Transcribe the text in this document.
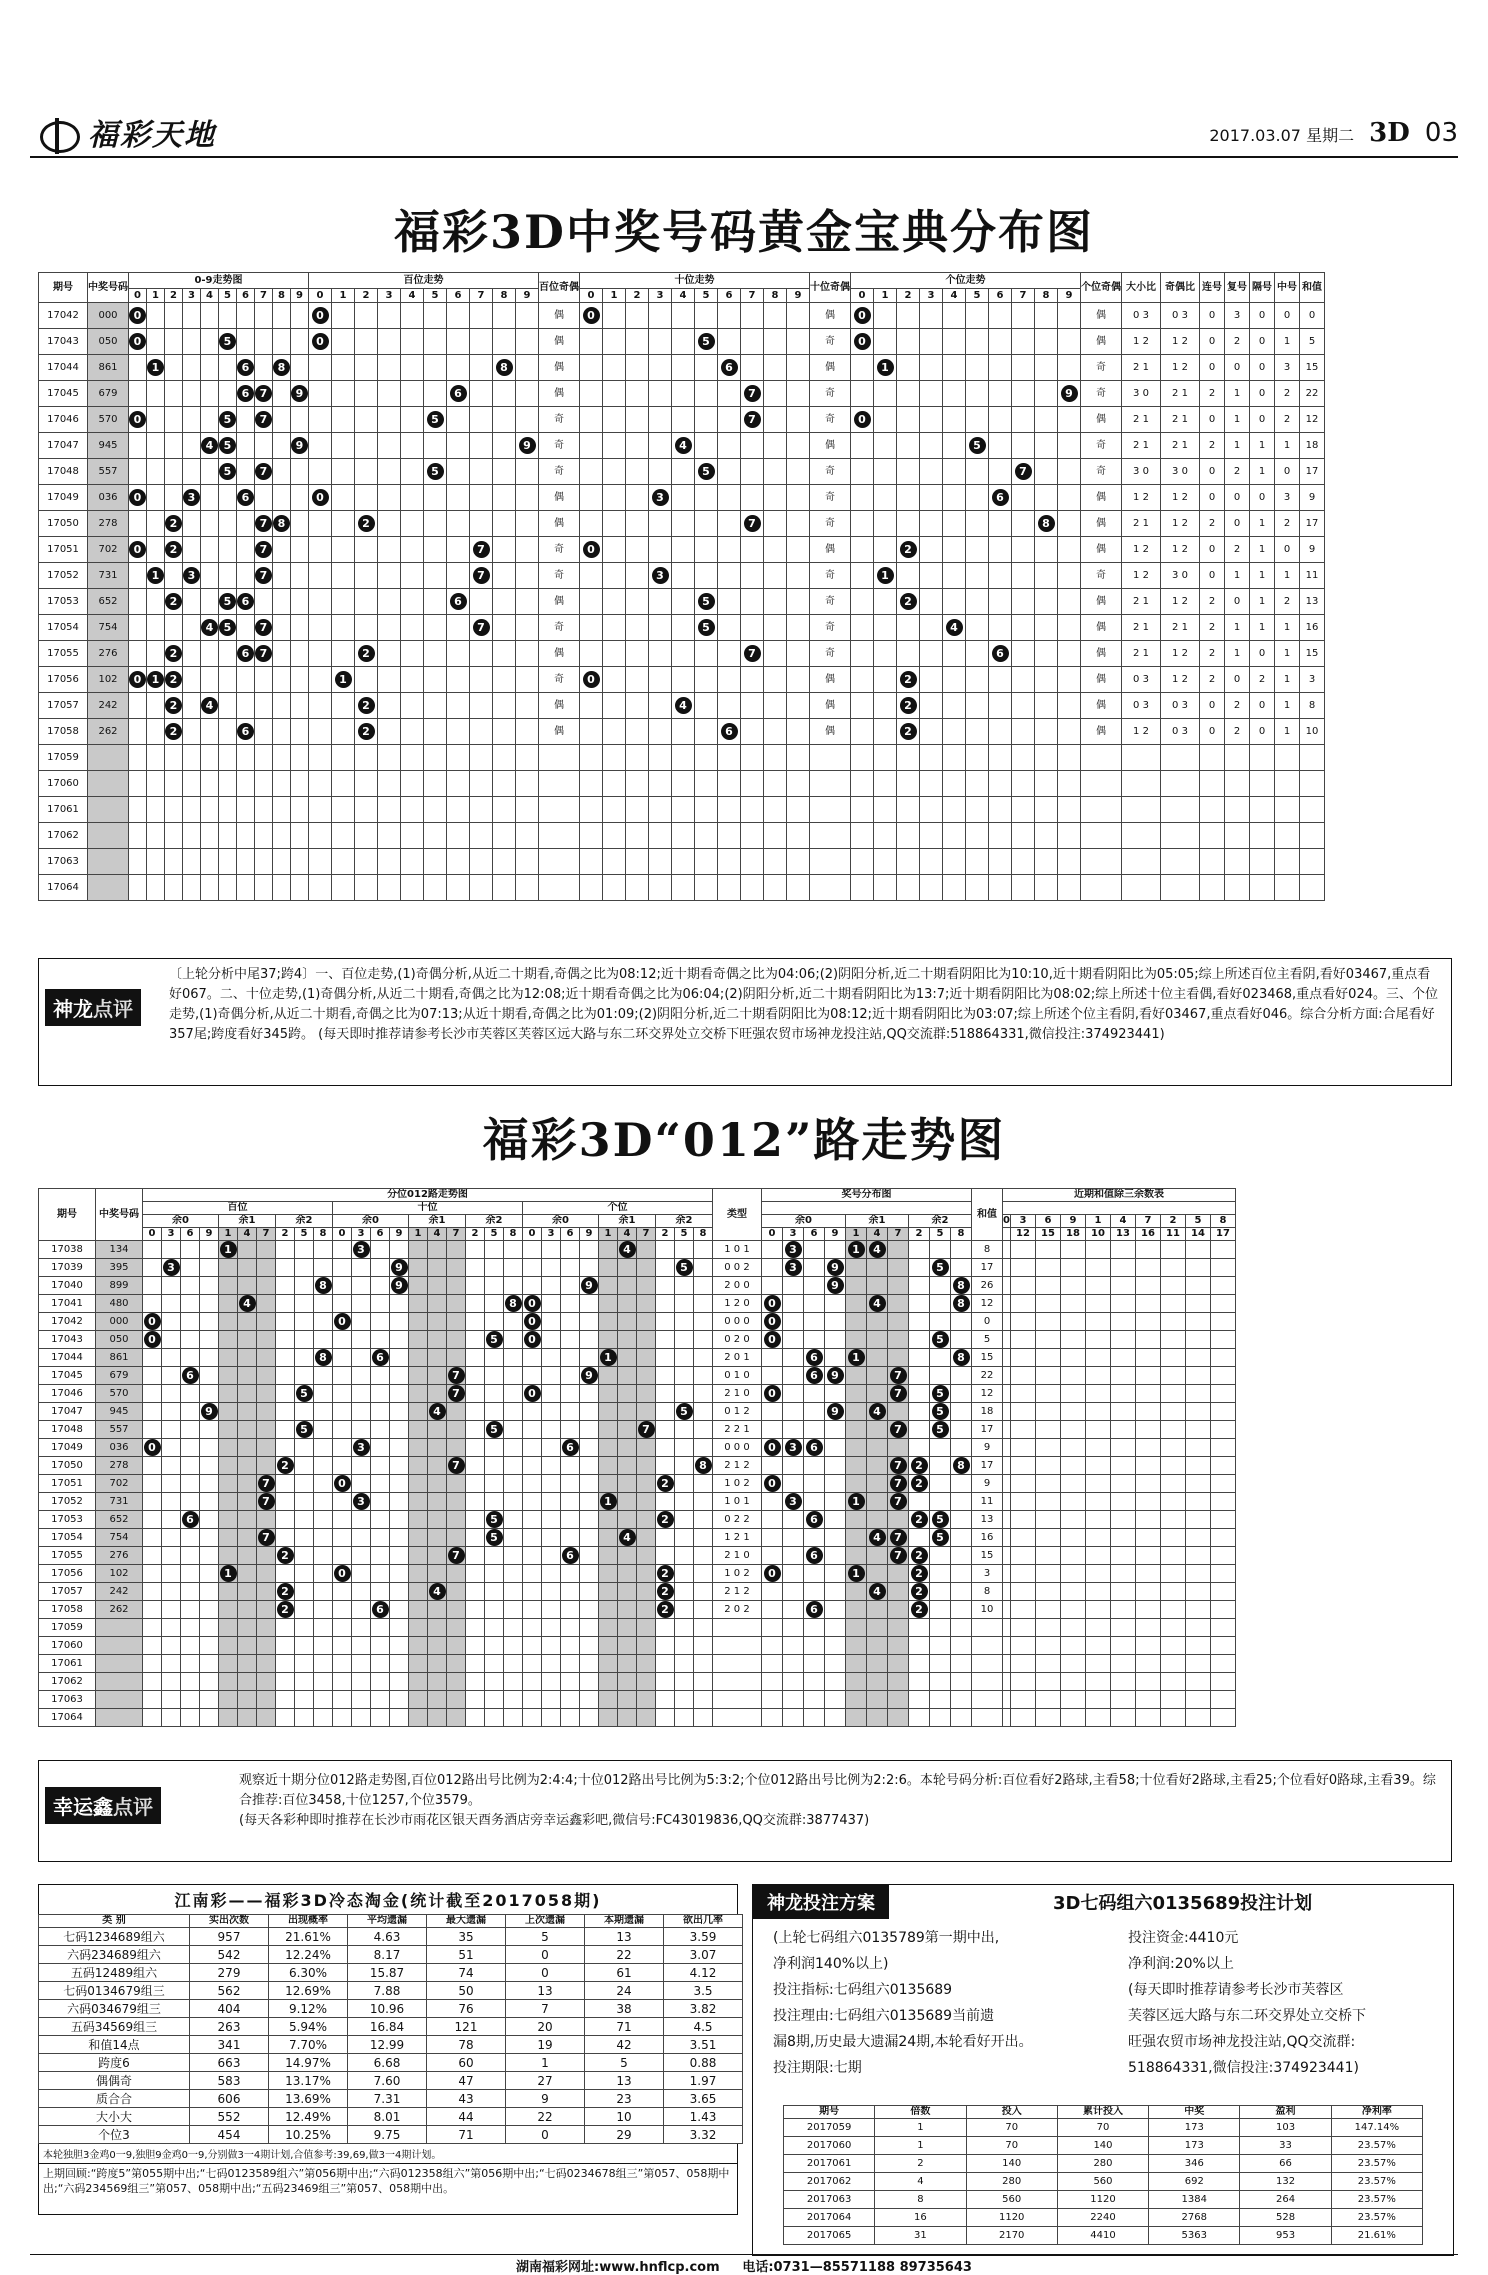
福彩天地	2017.03.07 星期二 3D 03
福彩3D中奖号码黄金宝典分布图
期号	中奖号码	0-9走势图										百位走势										百位奇偶	十位走势										十位奇偶	个位走势										个位奇偶	大小比	奇偶比	连号	复号	隔号	中号	和值
		0	1	2	3	4	5	6	7	8	9	0	1	2	3	4	5	6	7	8	9		0	1	2	3	4	5	6	7	8	9		0	1	2	3	4	5	6	7	8	9								
17042	000	0										0										偶	0										偶	0										偶	0 3	0 3	0	3	0	0	0
17043	050	0					5					0										偶						5					奇	0										偶	1 2	1 2	0	2	0	1	5
17044	861		1					6		8										8		偶							6				偶		1									奇	2 1	1 2	0	0	0	3	15
17045	679							6	7		9							6				偶								7			奇										9	奇	3 0	2 1	2	1	0	2	22
17046	570	0					5		7								5					奇								7			奇	0										偶	2 1	2 1	0	1	0	2	12
17047	945					4	5				9										9	奇					4						偶						5					奇	2 1	2 1	2	1	1	1	18
17048	557						5		7								5					奇						5					奇								7			奇	3 0	3 0	0	2	1	0	17
17049	036	0			3			6				0										偶				3							奇							6				偶	1 2	1 2	0	0	0	3	9
17050	278			2					7	8				2								偶								7			奇									8		偶	2 1	1 2	2	0	1	2	17
17051	702	0		2					7										7			奇	0										偶			2								偶	1 2	1 2	0	2	1	0	9
17052	731		1		3				7										7			奇				3							奇		1									奇	1 2	3 0	0	1	1	1	11
17053	652			2			5	6										6				偶						5					奇			2								偶	2 1	1 2	2	0	1	2	13
17054	754					4	5		7										7			奇						5					奇					4						偶	2 1	2 1	2	1	1	1	16
17055	276			2				6	7					2								偶								7			奇							6				偶	2 1	1 2	2	1	0	1	15
17056	102	0	1	2									1									奇	0										偶			2								偶	0 3	1 2	2	0	2	1	3
17057	242			2		4								2								偶					4						偶			2								偶	0 3	0 3	0	2	0	1	8
17058	262			2				6						2								偶							6				偶			2								偶	1 2	0 3	0	2	0	1	10
17059																																																			
17060																																																			
17061																																																			
17062																																																			
17063																																																			
17064																																																			
神龙点评
〔上轮分析中尾37;跨4〕一、百位走势,(1)奇偶分析,从近二十期看,奇偶之比为08:12;近十期看奇偶之比为04:06;(2)阴阳分析,近二十期看阴阳比为10:10,近十期看阴阳比为05:05;综上所述百位主看阴,看好03467,重点看好067。二、十位走势,(1)奇偶分析,从近二十期看,奇偶之比为12:08;近十期看奇偶之比为06:04;(2)阴阳分析,近二十期看阴阳比为13:7;近十期看阴阳比为08:02;综上所述十位主看偶,看好023468,重点看好024。三、个位走势,(1)奇偶分析,从近二十期看,奇偶之比为07:13;从近十期看,奇偶之比为01:09;(2)阴阳分析,近二十期看阴阳比为08:12;近十期看阴阳比为03:07;综上所述个位主看阴,看好03467,重点看好046。综合分析方面:合尾看好357尾;跨度看好345跨。 (每天即时推荐请参考长沙市芙蓉区芙蓉区远大路与东二环交界处立交桥下旺强农贸市场神龙投注站,QQ交流群:518864331,微信投注:374923441)
福彩3D“012”路走势图
期号	中奖号码	分位012路走势图																														类型	奖号分布图										和值	近期和值除三余数表									
		百位										十位										个位																															
		余0				余1			余2			余0				余1			余2			余0				余1			余2				余0				余1			余2				0	3	6	9	1	4	7	2	5	8
		0	3	6	9	1	4	7	2	5	8	0	3	6	9	1	4	7	2	5	8	0	3	6	9	1	4	7	2	5	8		0	3	6	9	1	4	7	2	5	8			12	15	18	10	13	16	11	14	17
17038	134					1							3														4					1 0 1		3			1	4					8										
17039	395		3												9															5		0 0 2		3		9					5		17										
17040	899										8				9										9							2 0 0				9						8	26										
17041	480						4														8	0										1 2 0	0					4				8	12										
17042	000	0										0										0										0 0 0	0										0										
17043	050	0																		5		0										0 2 0	0								5		5										
17044	861										8			6												1						2 0 1			6		1					8	15										
17045	679			6														7							9							0 1 0			6	9			7				22										
17046	570									5								7				0										2 1 0	0						7		5		12										
17047	945				9												4													5		0 1 2				9		4			5		18										
17048	557									5										5								7				2 2 1							7		5		17										
17049	036	0											3											6								0 0 0	0	3	6								9										
17050	278								2									7													8	2 1 2							7	2		8	17										
17051	702							7				0																	2			1 0 2	0						7	2			9										
17052	731							7					3													1						1 0 1		3			1		7				11										
17053	652			6																5									2			0 2 2			6					2	5		13										
17054	754							7												5							4					1 2 1						4	7		5		16										
17055	276								2									7						6								2 1 0			6				7	2			15										
17056	102					1						0																	2			1 0 2	0				1			2			3										
17057	242								2								4												2			2 1 2						4		2			8										
17058	262								2					6															2			2 0 2			6					2			10										
17059																																																					
17060																																																					
17061																																																					
17062																																																					
17063																																																					
17064																																																					
幸运鑫点评
观察近十期分位012路走势图,百位012路出号比例为2:4:4;十位012路出号比例为5:3:2;个位012路出号比例为2:2:6。本轮号码分析:百位看好2路球,主看58;十位看好2路球,主看25;个位看好0路球,主看39。综合推荐:百位3458,十位1257,个位3579。
(每天各彩种即时推荐在长沙市雨花区银天酉务酒店旁幸运鑫彩吧,微信号:FC43019836,QQ交流群:3877437)
江南彩——福彩3D冷态淘金(统计截至2017058期)
类 别	实出次数	出现概率	平均遗漏	最大遗漏	上次遗漏	本期遗漏	欲出几率
七码1234689组六	957	21.61%	4.63	35	5	13	3.59
六码234689组六	542	12.24%	8.17	51	0	22	3.07
五码12489组六	279	6.30%	15.87	74	0	61	4.12
七码0134679组三	562	12.69%	7.88	50	13	24	3.5
六码034679组三	404	9.12%	10.96	76	7	38	3.82
五码34569组三	263	5.94%	16.84	121	20	71	4.5
和值14点	341	7.70%	12.99	78	19	42	3.51
跨度6	663	14.97%	6.68	60	1	5	0.88
偶偶奇	583	13.17%	7.60	47	27	13	1.97
质合合	606	13.69%	7.31	43	9	23	3.65
大小大	552	12.49%	8.01	44	22	10	1.43
个位3	454	10.25%	9.75	71	0	29	3.32
本轮独胆3金鸡0一9,独胆9金鸡0一9,分别做3一4期计划,合值参考:39,69,做3一4期计划。
上期回顾:“跨度5”第055期中出;“七码0123589组六”第056期中出;“六码012358组六”第056期中出;“七码0234678组三”第057、058期中出;“六码234569组三”第057、058期中出;“五码23469组三”第057、058期中出。
神龙投注方案	3D七码组六0135689投注计划
(上轮七码组六0135789第一期中出,
净利润140%以上)
投注指标:七码组六0135689
投注理由:七码组六0135689当前遗
漏8期,历史最大遗漏24期,本轮看好开出。
投注期限:七期
投注资金:4410元
净利润:20%以上
(每天即时推荐请参考长沙市芙蓉区
芙蓉区远大路与东二环交界处立交桥下
旺强农贸市场神龙投注站,QQ交流群:
518864331,微信投注:374923441)
期号	倍数	投入	累计投入	中奖	盈利	净利率
2017059	1	70	70	173	103	147.14%
2017060	1	70	140	173	33	23.57%
2017061	2	140	280	346	66	23.57%
2017062	4	280	560	692	132	23.57%
2017063	8	560	1120	1384	264	23.57%
2017064	16	1120	2240	2768	528	23.57%
2017065	31	2170	4410	5363	953	21.61%
湖南福彩网址:www.hnflcp.com 电话:0731—85571188 89735643
